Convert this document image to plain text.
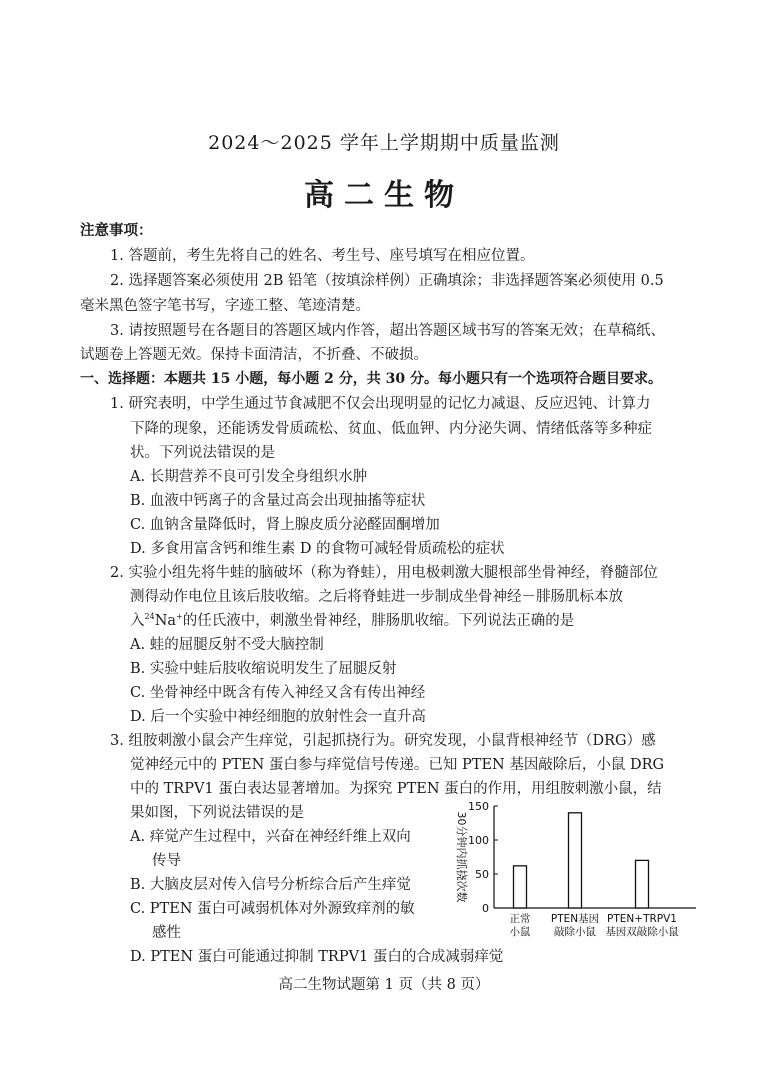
2024～2025 学年上学期期中质量监测
高二生物
注意事项：
1. 答题前，考生先将自己的姓名、考生号、座号填写在相应位置。
2. 选择题答案必须使用 2B 铅笔（按填涂样例）正确填涂；非选择题答案必须使用 0.5
毫米黑色签字笔书写，字迹工整、笔迹清楚。
3. 请按照题号在各题目的答题区域内作答，超出答题区域书写的答案无效；在草稿纸、
试题卷上答题无效。保持卡面清洁，不折叠、不破损。
一、选择题：本题共 15 小题，每小题 2 分，共 30 分。每小题只有一个选项符合题目要求。
1. 研究表明，中学生通过节食减肥不仅会出现明显的记忆力减退、反应迟钝、计算力
下降的现象，还能诱发骨质疏松、贫血、低血钾、内分泌失调、情绪低落等多种症
状。下列说法错误的是
A. 长期营养不良可引发全身组织水肿
B. 血液中钙离子的含量过高会出现抽搐等症状
C. 血钠含量降低时，肾上腺皮质分泌醛固酮增加
D. 多食用富含钙和维生素 D 的食物可减轻骨质疏松的症状
2. 实验小组先将牛蛙的脑破坏（称为脊蛙），用电极刺激大腿根部坐骨神经，脊髓部位
测得动作电位且该后肢收缩。之后将脊蛙进一步制成坐骨神经－腓肠肌标本放
入$^{24}$Na+的任氏液中，刺激坐骨神经，腓肠肌收缩。下列说法正确的是
A. 蛙的屈腿反射不受大脑控制
B. 实验中蛙后肢收缩说明发生了屈腿反射
C. 坐骨神经中既含有传入神经又含有传出神经
D. 后一个实验中神经细胞的放射性会一直升高
3. 组胺刺激小鼠会产生痒觉，引起抓挠行为。研究发现，小鼠背根神经节（DRG）感
觉神经元中的 PTEN 蛋白参与痒觉信号传递。已知 PTEN 基因敲除后，小鼠 DRG
中的 TRPV1 蛋白表达显著增加。为探究 PTEN 蛋白的作用，用组胺刺激小鼠，结
果如图，下列说法错误的是
A. 痒觉产生过程中，兴奋在神经纤维上双向
传导
B. 大脑皮层对传入信号分析综合后产生痒觉
C. PTEN 蛋白可减弱机体对外源致痒剂的敏
感性
D. PTEN 蛋白可能通过抑制 TRPV1 蛋白的合成减弱痒觉
0
50
100
150
30分钟内抓挠次数
正常
小鼠
PTEN基因
敲除小鼠
PTEN+TRPV1
基因双敲除小鼠
高二生物试题第 1 页（共 8 页）
